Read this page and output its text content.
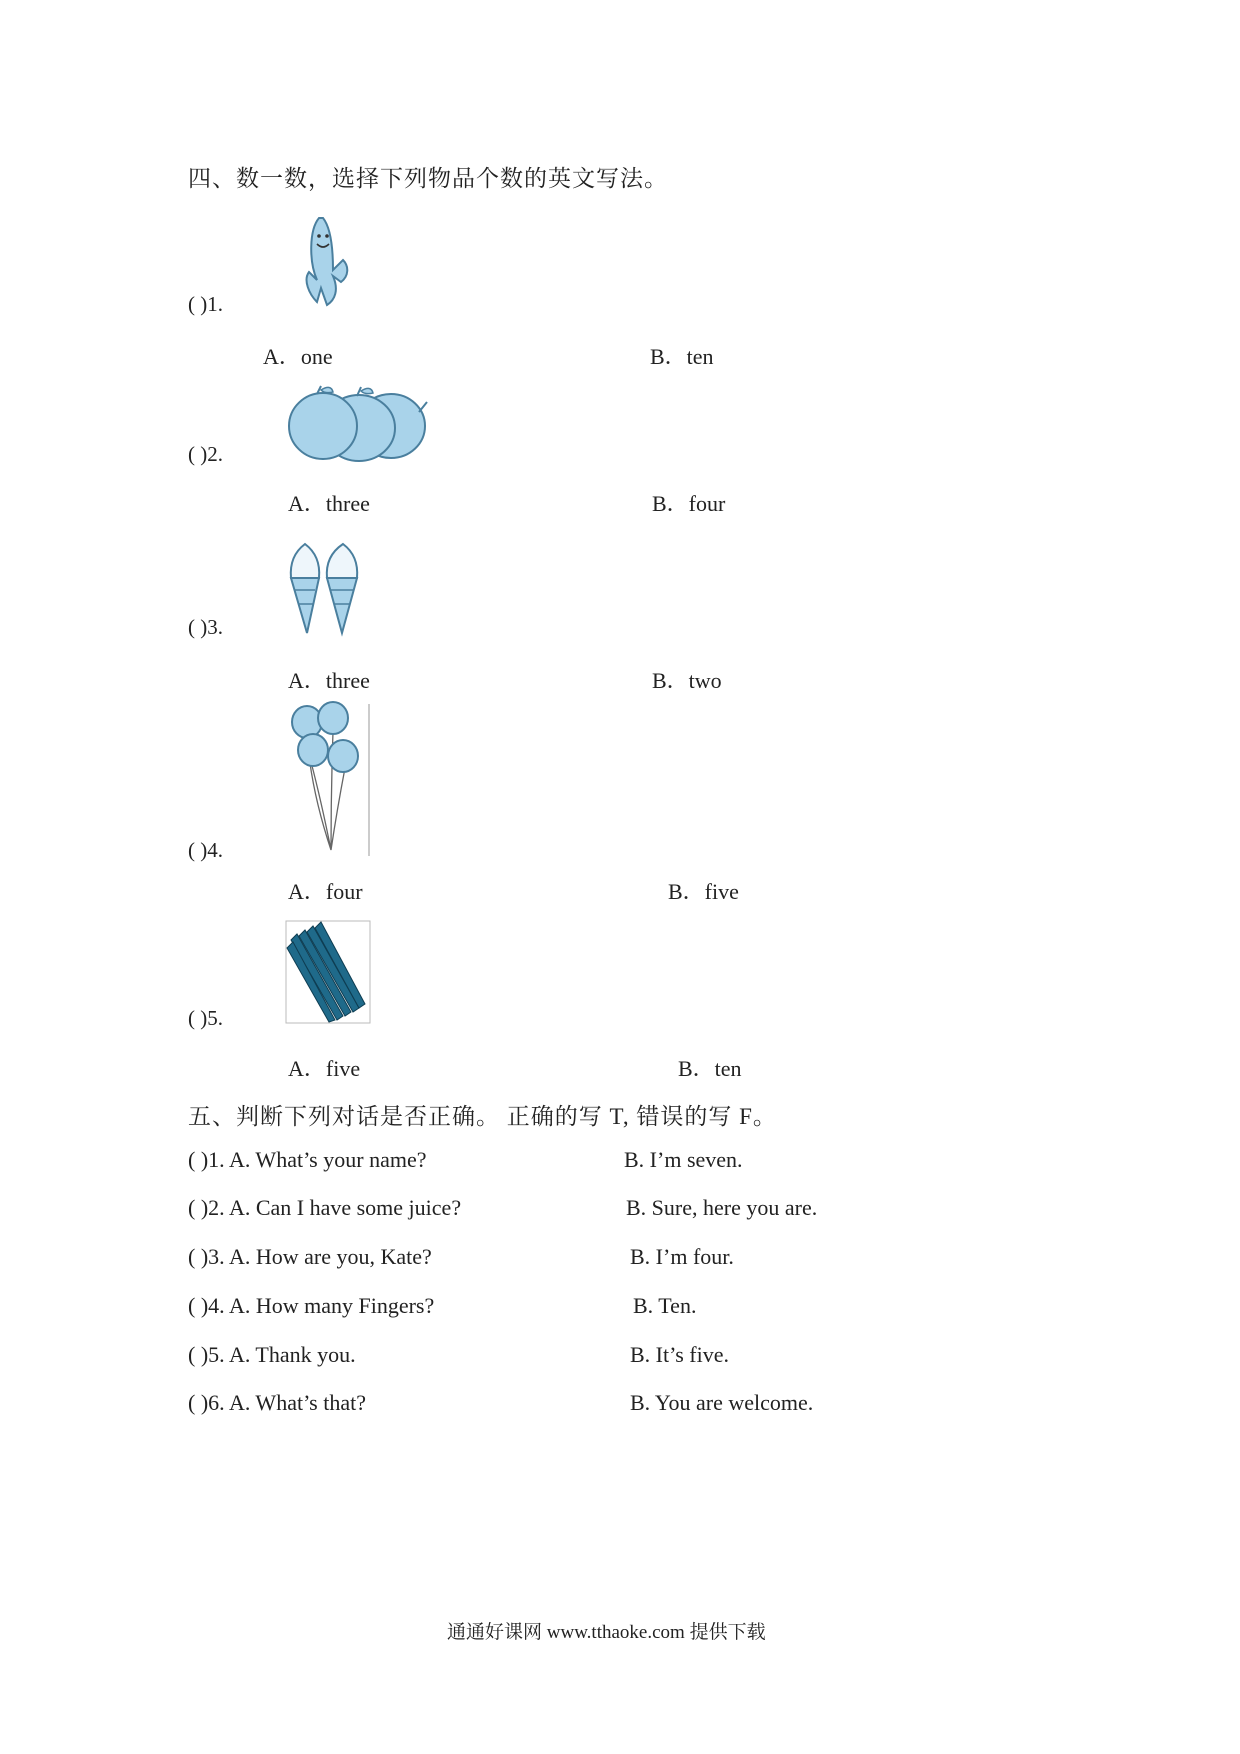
四、数一数，选择下列物品个数的英文写法。
( )1.
A．one	B．ten
( )2.
A．three	B．four
( )3.
A．three	B．two
( )4.
A．four	B．five
( )5.
A．five	B．ten
五、判断下列对话是否正确。 正确的写 T, 错误的写 F。
( )1. A. What’s your name?	B. I’m seven.
( )2. A. Can I have some juice?	B. Sure, here you are.
( )3. A. How are you, Kate?	B. I’m four.
( )4. A. How many Fingers?	B. Ten.
( )5. A. Thank you.	B. It’s five.
( )6. A. What’s that?	B. You are welcome.
通通好课网 www.tthaoke.com 提供下载
